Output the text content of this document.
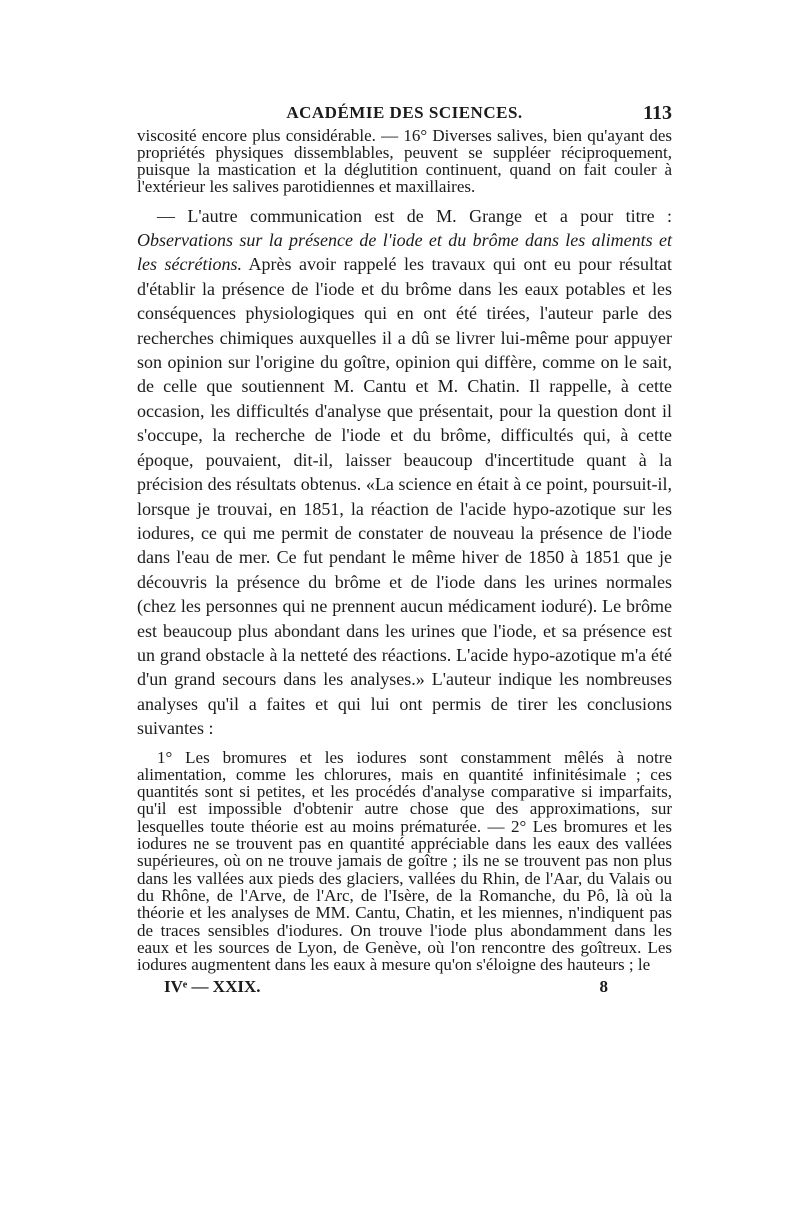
ACADÉMIE DES SCIENCES.	113

viscosité encore plus considérable. — 16° Diverses salives, bien qu'ayant des propriétés physiques dissemblables, peuvent se suppléer réciproquement, puisque la mastication et la déglutition continuent, quand on fait couler à l'extérieur les salives parotidiennes et maxillaires.

— L'autre communication est de M. Grange et a pour titre : Observations sur la présence de l'iode et du brôme dans les aliments et les sécrétions. Après avoir rappelé les travaux qui ont eu pour résultat d'établir la présence de l'iode et du brôme dans les eaux potables et les conséquences physiologiques qui en ont été tirées, l'auteur parle des recherches chimiques auxquelles il a dû se livrer lui-même pour appuyer son opinion sur l'origine du goître, opinion qui diffère, comme on le sait, de celle que soutiennent M. Cantu et M. Chatin. Il rappelle, à cette occasion, les difficultés d'analyse que présentait, pour la question dont il s'occupe, la recherche de l'iode et du brôme, difficultés qui, à cette époque, pouvaient, dit-il, laisser beaucoup d'incertitude quant à la précision des résultats obtenus. «La science en était à ce point, poursuit-il, lorsque je trouvai, en 1851, la réaction de l'acide hypo-azotique sur les iodures, ce qui me permit de constater de nouveau la présence de l'iode dans l'eau de mer. Ce fut pendant le même hiver de 1850 à 1851 que je découvris la présence du brôme et de l'iode dans les urines normales (chez les personnes qui ne prennent aucun médicament ioduré). Le brôme est beaucoup plus abondant dans les urines que l'iode, et sa présence est un grand obstacle à la netteté des réactions. L'acide hypo-azotique m'a été d'un grand secours dans les analyses.» L'auteur indique les nombreuses analyses qu'il a faites et qui lui ont permis de tirer les conclusions suivantes :

1° Les bromures et les iodures sont constamment mêlés à notre alimentation, comme les chlorures, mais en quantité infinitésimale ; ces quantités sont si petites, et les procédés d'analyse comparative si imparfaits, qu'il est impossible d'obtenir autre chose que des approximations, sur lesquelles toute théorie est au moins prématurée. — 2° Les bromures et les iodures ne se trouvent pas en quantité appréciable dans les eaux des vallées supérieures, où on ne trouve jamais de goître ; ils ne se trouvent pas non plus dans les vallées aux pieds des glaciers, vallées du Rhin, de l'Aar, du Valais ou du Rhône, de l'Arve, de l'Arc, de l'Isère, de la Romanche, du Pô, là où la théorie et les analyses de MM. Cantu, Chatin, et les miennes, n'indiquent pas de traces sensibles d'iodures. On trouve l'iode plus abondamment dans les eaux et les sources de Lyon, de Genève, où l'on rencontre des goîtreux. Les iodures augmentent dans les eaux à mesure qu'on s'éloigne des hauteurs ; le

IVᵉ — XXIX.	8
